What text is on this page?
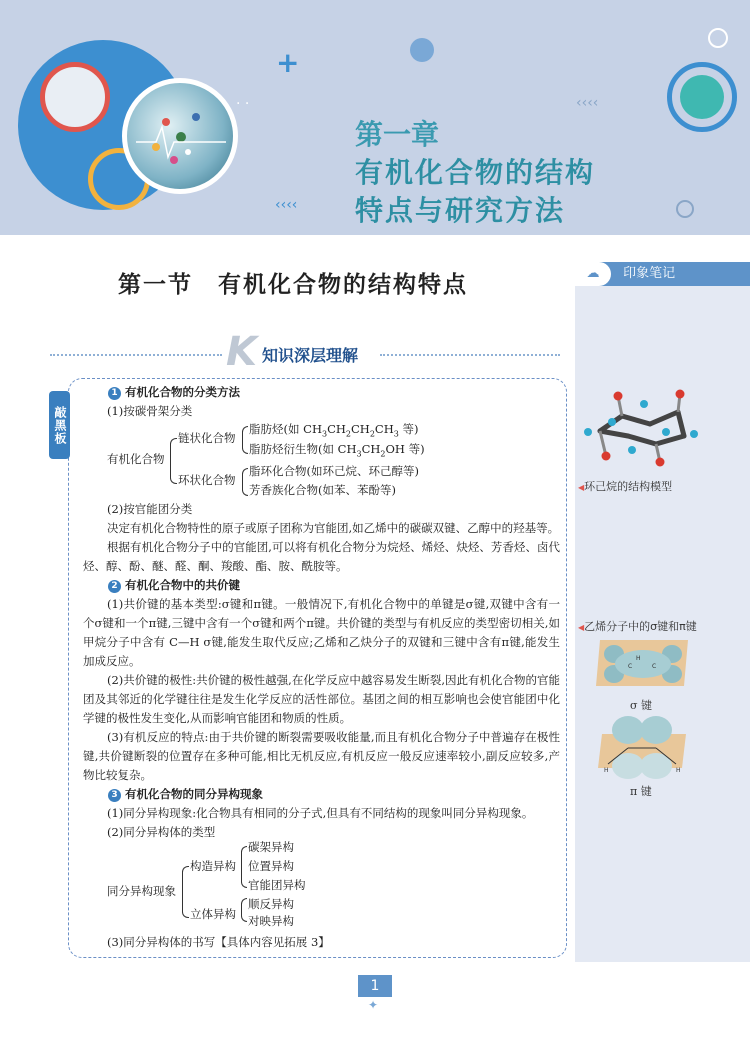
+
‹‹‹‹
‹‹‹‹
· ·
第一章
有机化合物的结构
特点与研究方法
☁ 印象笔记
◀环己烷的结构模型
◀乙烯分子中的σ键和π键
H
C	C
σ 键
H	H
π 键
第一节　有机化合物的结构特点
K 知识深层理解
敲黑板
1 有机化合物的分类方法
(1)按碳骨架分类
有机化合物
链状化合物
环状化合物
脂肪烃(如 $CH_3CH_2CH_2CH_3$ 等)
脂肪烃衍生物(如 $CH_3CH_2OH$ 等)
脂环化合物(如环己烷、环己醇等)
芳香族化合物(如苯、苯酚等)
(2)按官能团分类
决定有机化合物特性的原子或原子团称为官能团,如乙烯中的碳碳双键、乙醇中的羟基等。
根据有机化合物分子中的官能团,可以将有机化合物分为烷烃、烯烃、炔烃、芳香烃、卤代烃、醇、酚、醚、醛、酮、羧酸、酯、胺、酰胺等。
2 有机化合物中的共价键
(1)共价键的基本类型:σ键和π键。一般情况下,有机化合物中的单键是σ键,双键中含有一个σ键和一个π键,三键中含有一个σ键和两个π键。共价键的类型与有机反应的类型密切相关,如甲烷分子中含有 C—H σ键,能发生取代反应;乙烯和乙炔分子的双键和三键中含有π键,能发生加成反应。
(2)共价键的极性:共价键的极性越强,在化学反应中越容易发生断裂,因此有机化合物的官能团及其邻近的化学键往往是发生化学反应的活性部位。基团之间的相互影响也会使官能团中化学键的极性发生变化,从而影响官能团和物质的性质。
(3)有机反应的特点:由于共价键的断裂需要吸收能量,而且有机化合物分子中普遍存在极性键,共价键断裂的位置存在多种可能,相比无机反应,有机反应一般反应速率较小,副反应较多,产物比较复杂。
3 有机化合物的同分异构现象
(1)同分异构现象:化合物具有相同的分子式,但具有不同结构的现象叫同分异构现象。
(2)同分异构体的类型
同分异构现象
构造异构
立体异构
碳架异构
位置异构
官能团异构
顺反异构
对映异构
(3)同分异构体的书写【具体内容见拓展 3】
1
✦
